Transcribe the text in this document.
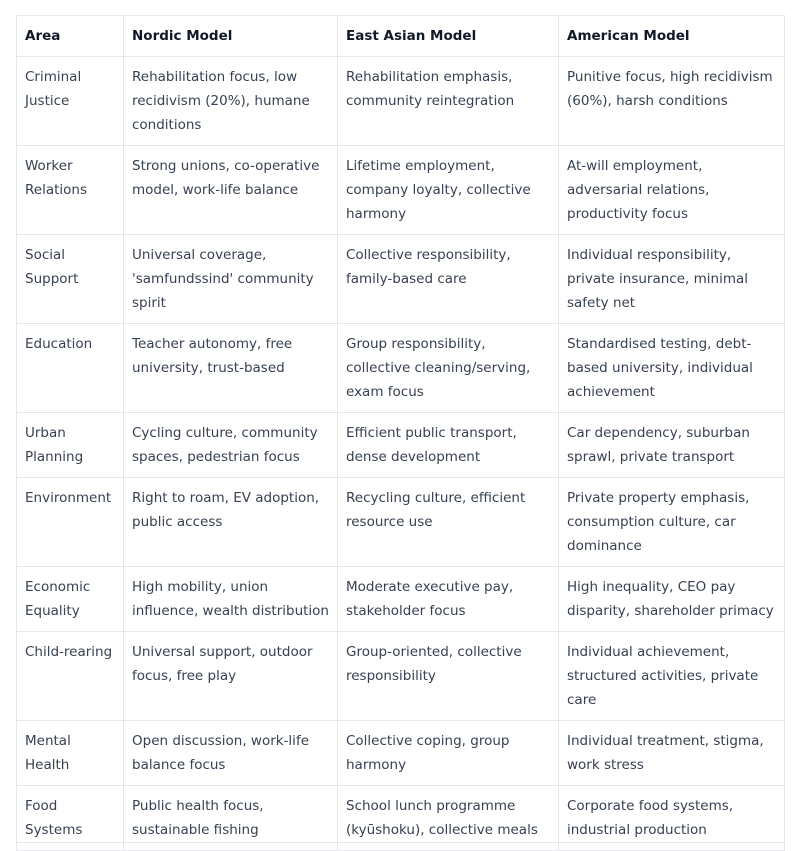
Area	Nordic Model	East Asian Model	American Model
Criminal Justice	Rehabilitation focus, low recidivism (20%), humane conditions	Rehabilitation emphasis, community reintegration	Punitive focus, high recidivism (60%), harsh conditions
Worker Relations	Strong unions, co-operative model, work-life balance	Lifetime employment, company loyalty, collective harmony	At-will employment, adversarial relations, productivity focus
Social Support	Universal coverage, 'samfundssind' community spirit	Collective responsibility, family-based care	Individual responsibility, private insurance, minimal safety net
Education	Teacher autonomy, free university, trust-based	Group responsibility, collective cleaning/serving, exam focus	Standardised testing, debt-based university, individual achievement
Urban Planning	Cycling culture, community spaces, pedestrian focus	Efficient public transport, dense development	Car dependency, suburban sprawl, private transport
Environment	Right to roam, EV adoption, public access	Recycling culture, efficient resource use	Private property emphasis, consumption culture, car dominance
Economic Equality	High mobility, union influence, wealth distribution	Moderate executive pay, stakeholder focus	High inequality, CEO pay disparity, shareholder primacy
Child-rearing	Universal support, outdoor focus, free play	Group-oriented, collective responsibility	Individual achievement, structured activities, private care
Mental Health	Open discussion, work-life balance focus	Collective coping, group harmony	Individual treatment, stigma, work stress
Food Systems	Public health focus, sustainable fishing	School lunch programme (kyūshoku), collective meals	Corporate food systems, industrial production
